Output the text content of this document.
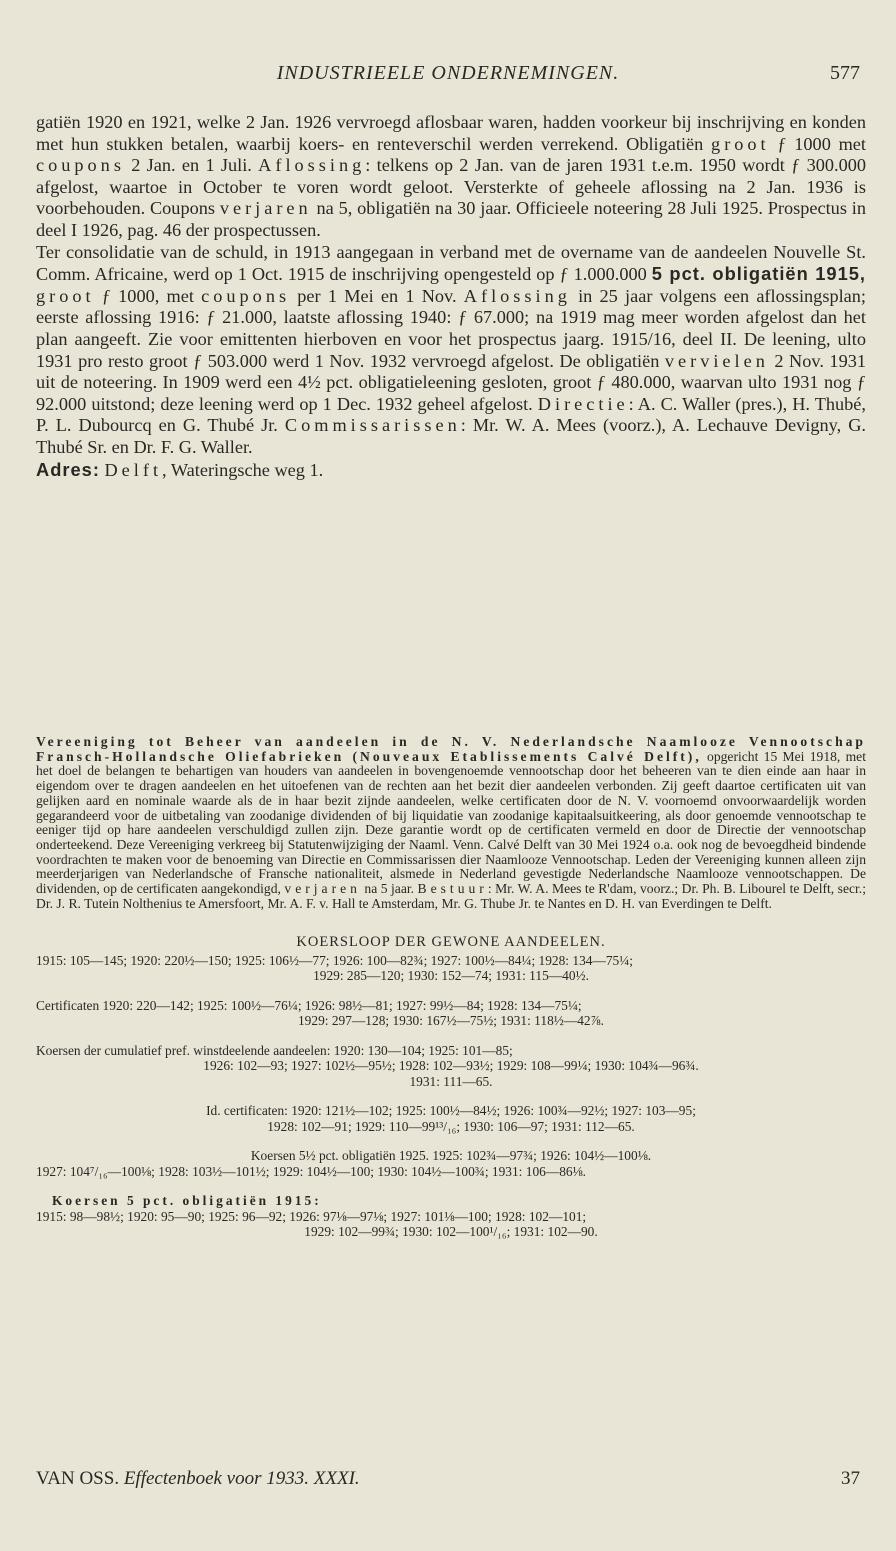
INDUSTRIEELE ONDERNEMINGEN.	577

gatiën 1920 en 1921, welke 2 Jan. 1926 vervroegd aflosbaar waren, hadden voorkeur bij inschrijving en konden met hun stukken betalen, waarbij koers- en renteverschil werden verrekend. Obligatiën groot ƒ 1000 met coupons 2 Jan. en 1 Juli. Aflossing: telkens op 2 Jan. van de jaren 1931 t.e.m. 1950 wordt ƒ 300.000 afgelost, waartoe in October te voren wordt geloot. Versterkte of geheele aflossing na 2 Jan. 1936 is voorbehouden. Coupons verjaren na 5, obligatiën na 30 jaar. Officieele noteering 28 Juli 1925. Prospectus in deel I 1926, pag. 46 der prospectussen.

Ter consolidatie van de schuld, in 1913 aangegaan in verband met de overname van de aandeelen Nouvelle St. Comm. Africaine, werd op 1 Oct. 1915 de inschrijving opengesteld op ƒ 1.000.000 5 pct. obligatiën 1915, groot ƒ 1000, met coupons per 1 Mei en 1 Nov. Aflossing in 25 jaar volgens een aflossingsplan; eerste aflossing 1916: ƒ 21.000, laatste aflossing 1940: ƒ 67.000; na 1919 mag meer worden afgelost dan het plan aangeeft. Zie voor emittenten hierboven en voor het prospectus jaarg. 1915/16, deel II. De leening, ulto 1931 pro resto groot ƒ 503.000 werd 1 Nov. 1932 vervroegd afgelost. De obligatiën vervielen 2 Nov. 1931 uit de noteering. In 1909 werd een 4½ pct. obligatieleening gesloten, groot ƒ 480.000, waarvan ulto 1931 nog ƒ 92.000 uitstond; deze leening werd op 1 Dec. 1932 geheel afgelost. Directie: A. C. Waller (pres.), H. Thubé, P. L. Dubourcq en G. Thubé Jr. Commissarissen: Mr. W. A. Mees (voorz.), A. Lechauve Devigny, G. Thubé Sr. en Dr. F. G. Waller.

Adres: Delft, Wateringsche weg 1.

Vereeniging tot Beheer van aandeelen in de N. V. Nederlandsche Naamlooze Vennootschap Fransch-Hollandsche Oliefabrieken (Nouveaux Etablissements Calvé Delft), opgericht 15 Mei 1918, met het doel de belangen te behartigen van houders van aandeelen in bovengenoemde vennootschap door het beheeren van te dien einde aan haar in eigendom over te dragen aandeelen en het uitoefenen van de rechten aan het bezit dier aandeelen verbonden. Zij geeft daartoe certificaten uit van gelijken aard en nominale waarde als de in haar bezit zijnde aandeelen, welke certificaten door de N. V. voornoemd onvoorwaardelijk worden gegarandeerd voor de uitbetaling van zoodanige dividenden of bij liquidatie van zoodanige kapitaalsuitkeering, als door genoemde vennootschap te eeniger tijd op hare aandeelen verschuldigd zullen zijn. Deze garantie wordt op de certificaten vermeld en door de Directie der vennootschap onderteekend. Deze Vereeniging verkreeg bij Statutenwijziging der Naaml. Venn. Calvé Delft van 30 Mei 1924 o.a. ook nog de bevoegdheid bindende voordrachten te maken voor de benoeming van Directie en Commissarissen dier Naamlooze Vennootschap. Leden der Vereeniging kunnen alleen zijn meerderjarigen van Nederlandsche of Fransche nationaliteit, alsmede in Nederland gevestigde Nederlandsche Naamlooze vennootschappen. De dividenden, op de certificaten aangekondigd, verjaren na 5 jaar. Bestuur: Mr. W. A. Mees te R'dam, voorz.; Dr. Ph. B. Libourel te Delft, secr.; Dr. J. R. Tutein Nolthenius te Amersfoort, Mr. A. F. v. Hall te Amsterdam, Mr. G. Thube Jr. te Nantes en D. H. van Everdingen te Delft.

KOERSLOOP DER GEWONE AANDEELEN.

1915: 105—145; 1920: 220½—150; 1925: 106½—77; 1926: 100—82¾; 1927: 100½—84¼; 1928: 134—75¼;

1929: 285—120; 1930: 152—74; 1931: 115—40½.

Certificaten 1920: 220—142; 1925: 100½—76¼; 1926: 98½—81; 1927: 99½—84; 1928: 134—75¼;

1929: 297—128; 1930: 167½—75½; 1931: 118½—42⅞.

Koersen der cumulatief pref. winstdeelende aandeelen: 1920: 130—104; 1925: 101—85;

1926: 102—93; 1927: 102½—95½; 1928: 102—93½; 1929: 108—99¼; 1930: 104¾—96¾.

1931: 111—65.

Id. certificaten: 1920: 121½—102; 1925: 100½—84½; 1926: 100¾—92½; 1927: 103—95;

1928: 102—91; 1929: 110—99¹³/₁₆; 1930: 106—97; 1931: 112—65.

Koersen 5½ pct. obligatiën 1925. 1925: 102¾—97¾; 1926: 104½—100⅛.

1927: 104⁷/₁₆—100⅛; 1928: 103½—101½; 1929: 104½—100; 1930: 104½—100¾; 1931: 106—86⅛.

Koersen 5 pct. obligatiën 1915:

1915: 98—98½; 1920: 95—90; 1925: 96—92; 1926: 97⅛—97⅛; 1927: 101⅛—100; 1928: 102—101;

1929: 102—99¾; 1930: 102—100¹/₁₆; 1931: 102—90.

VAN OSS. Effectenboek voor 1933. XXXI.	37
